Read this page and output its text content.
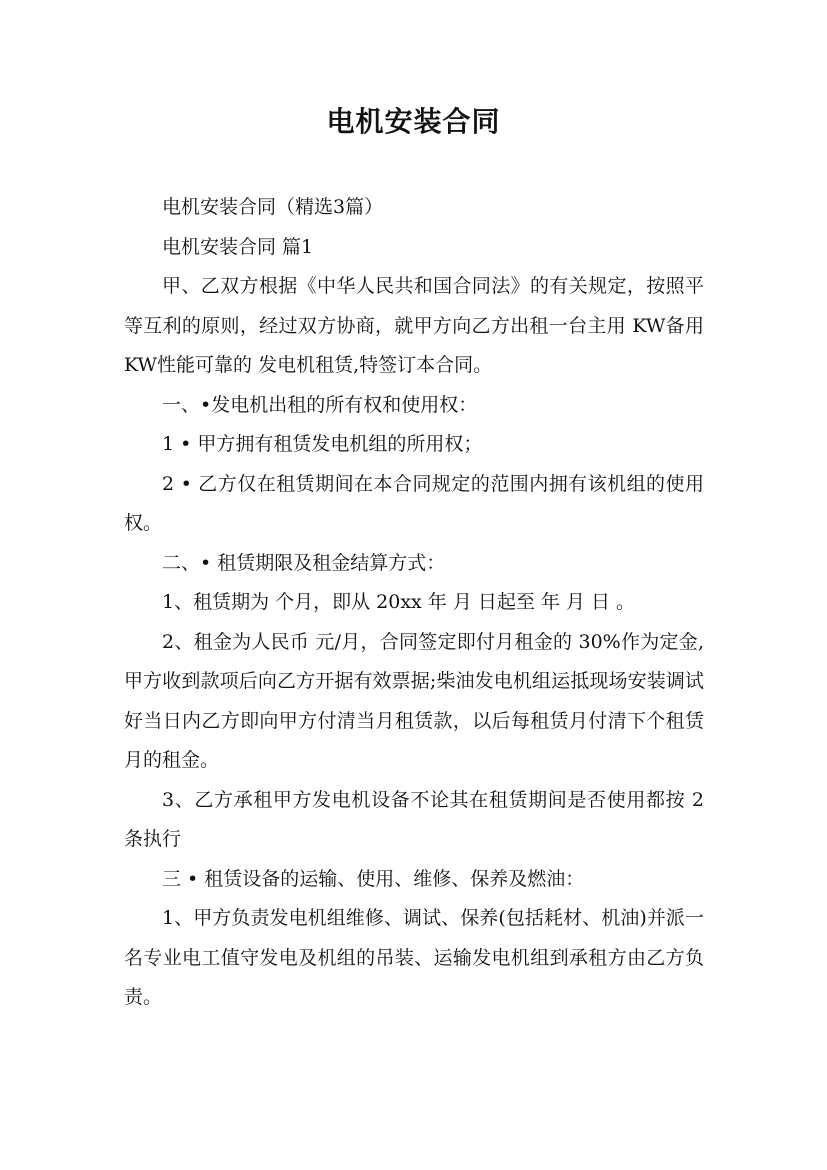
电机安装合同

电机安装合同（精选3篇）

电机安装合同 篇1

甲、乙双方根据《中华人民共和国合同法》的有关规定，按照平等互利的原则，经过双方协商，就甲方向乙方出租一台主用 KW备用 KW性能可靠的 发电机租赁,特签订本合同。

一、•发电机出租的所有权和使用权：

1 • 甲方拥有租赁发电机组的所用权；

2 • 乙方仅在租赁期间在本合同规定的范围内拥有该机组的使用权。

二、• 租赁期限及租金结算方式：

1、租赁期为 个月，即从 20xx 年 月 日起至 年 月 日 。

2、租金为人民币 元/月，合同签定即付月租金的 30%作为定金,甲方收到款项后向乙方开据有效票据;柴油发电机组运抵现场安装调试好当日内乙方即向甲方付清当月租赁款，以后每租赁月付清下个租赁月的租金。

3、乙方承租甲方发电机设备不论其在租赁期间是否使用都按 2 条执行

三 • 租赁设备的运输、使用、维修、保养及燃油：

1、甲方负责发电机组维修、调试、保养(包括耗材、机油)并派一名专业电工值守发电及机组的吊装、运输发电机组到承租方由乙方负责。
